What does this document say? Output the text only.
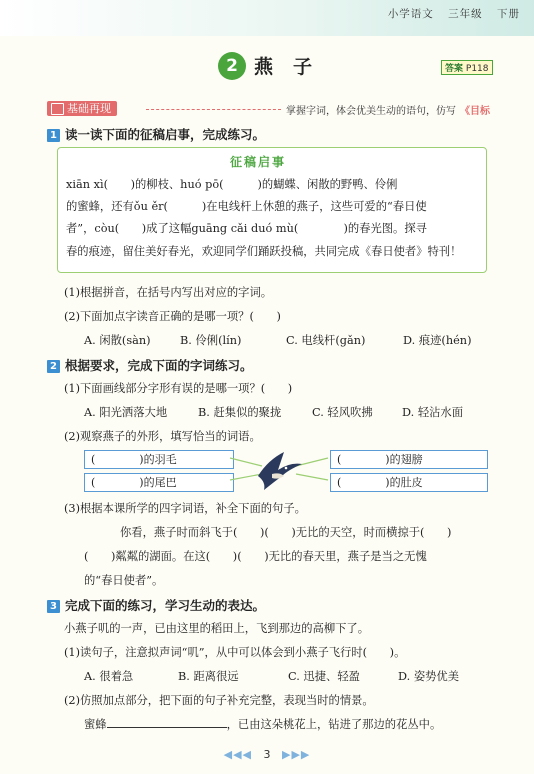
小学语文 三年级 下册
2 燕子	答案 P118
基础再现	掌握字词，体会优美生动的语句，仿写 《目标
1 读一读下面的征稿启事，完成练习。
征稿启事
xiān xì(　　)的柳枝、huó pō(　　　)的蝴蝶、闲散的野鸭、伶俐
的蜜蜂，还有ǒu ěr(　　　)在电线杆上休憩的燕子，这些可爱的“春日使
者”，còu(　　)成了这幅guāng cǎi duó mù(　　　　)的春光图。探寻
春的痕迹，留住美好春光，欢迎同学们踊跃投稿，共同完成《春日使者》特刊！
(1)根据拼音，在括号内写出对应的字词。
(2)下面加点字读音正确的是哪一项？(　　)
A. 闲散(sàn)	B. 伶俐(lín)	C. 电线杆(gǎn)	D. 痕迹(hén)
2 根据要求，完成下面的字词练习。
(1)下面画线部分字形有误的是哪一项？(　　)
A. 阳光洒落大地	B. 赶集似的聚拢	C. 轻风吹拂	D. 轻沾水面
(2)观察燕子的外形，填写恰当的词语。
(　　　　)的羽毛
(　　　　)的尾巴
(　　　　)的翅膀
(　　　　)的肚皮
(3)根据本课所学的四字词语，补全下面的句子。
你看，燕子时而斜飞于(　　)(　　)无比的天空，时而横掠于(　　)
(　　)粼粼的湖面。在这(　　)(　　)无比的春天里，燕子是当之无愧
的“春日使者”。
3 完成下面的练习，学习生动的表达。
小燕子叽的一声，已由这里的稻田上，飞到那边的高柳下了。
(1)读句子，注意拟声词“叽”，从中可以体会到小燕子飞行时(　　)。
A. 很着急	B. 距离很远	C. 迅捷、轻盈	D. 姿势优美
(2)仿照加点部分，把下面的句子补充完整，表现当时的情景。
蜜蜂	，已由这朵桃花上，钻进了那边的花丛中。
◀◀◀ 3 ▶▶▶
